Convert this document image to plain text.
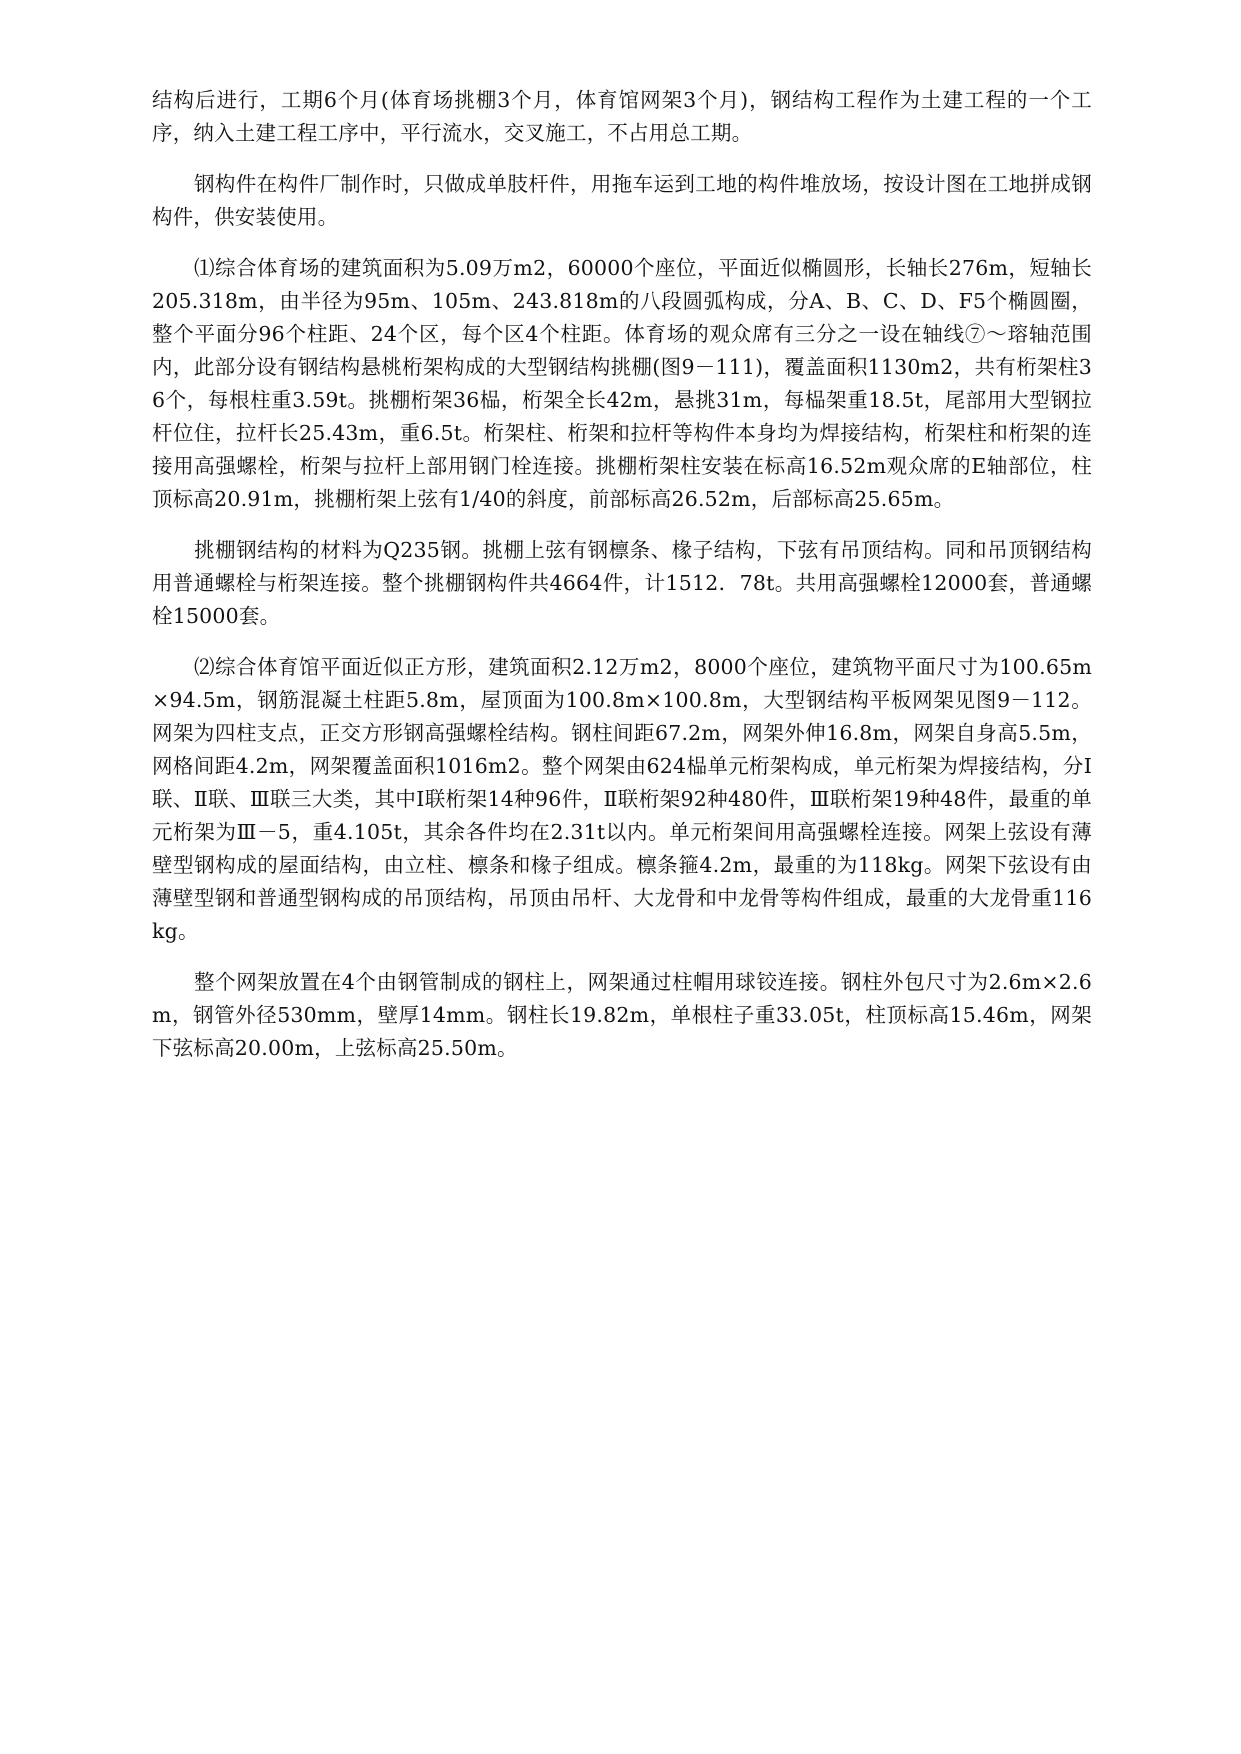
结构后进行，工期6个月(体育场挑棚3个月，体育馆网架3个月)，钢结构工程作为土建工程的一个工序，纳入土建工程工序中，平行流水，交叉施工，不占用总工期。

钢构件在构件厂制作时，只做成单肢杆件，用拖车运到工地的构件堆放场，按设计图在工地拼成钢构件，供安装使用。

⑴综合体育场的建筑面积为5.09万m2，60000个座位，平面近似椭圆形，长轴长276m，短轴长205.318m，由半径为95m、105m、243.818m的八段圆弧构成，分A、B、C、D、F5个椭圆圈，整个平面分96个柱距、24个区，每个区4个柱距。体育场的观众席有三分之一设在轴线⑦～瑢轴范围内，此部分设有钢结构悬桃桁架构成的大型钢结构挑棚(图9－111)，覆盖面积1130m2，共有桁架柱36个，每根柱重3.59t。挑棚桁架36榀，桁架全长42m，悬挑31m，每榀架重18.5t，尾部用大型钢拉杆位住，拉杆长25.43m，重6.5t。桁架柱、桁架和拉杆等构件本身均为焊接结构，桁架柱和桁架的连接用高强螺栓，桁架与拉杆上部用钢门栓连接。挑棚桁架柱安装在标高16.52m观众席的E轴部位，柱顶标高20.91m，挑棚桁架上弦有1/40的斜度，前部标高26.52m，后部标高25.65m。

挑棚钢结构的材料为Q235钢。挑棚上弦有钢檩条、椽子结构，下弦有吊顶结构。同和吊顶钢结构用普通螺栓与桁架连接。整个挑棚钢构件共4664件，计1512．78t。共用高强螺栓12000套，普通螺栓15000套。

⑵综合体育馆平面近似正方形，建筑面积2.12万m2，8000个座位，建筑物平面尺寸为100.65m×94.5m，钢筋混凝土柱距5.8m，屋顶面为100.8m×100.8m，大型钢结构平板网架见图9－112。网架为四柱支点，正交方形钢高强螺栓结构。钢柱间距67.2m，网架外伸16.8m，网架自身高5.5m，网格间距4.2m，网架覆盖面积1016m2。整个网架由624榀单元桁架构成，单元桁架为焊接结构，分Ⅰ联、Ⅱ联、Ⅲ联三大类，其中Ⅰ联桁架14种96件，Ⅱ联桁架92种480件，Ⅲ联桁架19种48件，最重的单元桁架为Ⅲ－5，重4.105t，其余各件均在2.31t以内。单元桁架间用高强螺栓连接。网架上弦设有薄壁型钢构成的屋面结构，由立柱、檩条和椽子组成。檩条箍4.2m，最重的为118kg。网架下弦设有由薄壁型钢和普通型钢构成的吊顶结构，吊顶由吊杆、大龙骨和中龙骨等构件组成，最重的大龙骨重116kg。

整个网架放置在4个由钢管制成的钢柱上，网架通过柱帽用球铰连接。钢柱外包尺寸为2.6m×2.6m，钢管外径530mm，壁厚14mm。钢柱长19.82m，单根柱子重33.05t，柱顶标高15.46m，网架下弦标高20.00m，上弦标高25.50m。
